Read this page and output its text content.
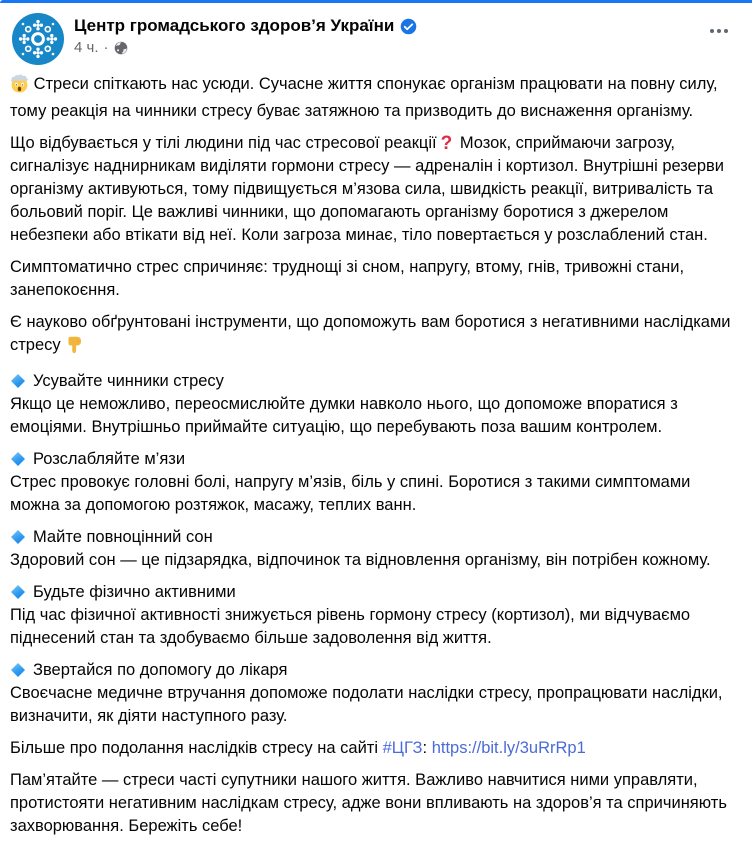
Центр громадського здоров’я України
4 ч. ·
Стреси спіткають нас усюди. Сучасне життя спонукає організм працювати на повну силу, тому реакція на чинники стресу буває затяжною та призводить до виснаження організму.
Що відбувається у тілі людини під час стресової реакції ? Мозок, сприймаючи загрозу, сигналізує наднирникам виділяти гормони стресу — адреналін і кортизол. Внутрішні резерви організму активуються, тому підвищується м’язова сила, швидкість реакції, витривалість та больовий поріг. Це важливі чинники, що допомагають організму боротися з джерелом небезпеки або втікати від неї. Коли загроза минає, тіло повертається у розслаблений стан.
Симптоматично стрес спричиняє: труднощі зі сном, напругу, втому, гнів, тривожні стани, занепокоєння.
Є науково обґрунтовані інструменти, що допоможуть вам боротися з негативними наслідками стресу
Усувайте чинники стресу
Якщо це неможливо, переосмислюйте думки навколо нього, що допоможе впоратися з емоціями. Внутрішньо приймайте ситуацію, що перебувають поза вашим контролем.
Розслабляйте м’язи
Стрес провокує головні болі, напругу м’язів, біль у спині. Боротися з такими симптомами можна за допомогою розтяжок, масажу, теплих ванн.
Майте повноцінний сон
Здоровий сон — це підзарядка, відпочинок та відновлення організму, він потрібен кожному.
Будьте фізично активними
Під час фізичної активності знижується рівень гормону стресу (кортизол), ми відчуваємо піднесений стан та здобуваємо більше задоволення від життя.
Звертайся по допомогу до лікаря
Своєчасне медичне втручання допоможе подолати наслідки стресу, пропрацювати наслідки, визначити, як діяти наступного разу.
Більше про подолання наслідків стресу на сайті #ЦГЗ: https://bit.ly/3uRrRp1
Пам’ятайте — стреси часті супутники нашого життя. Важливо навчитися ними управляти, протистояти негативним наслідкам стресу, адже вони впливають на здоров’я та спричиняють захворювання. Бережіть себе!
